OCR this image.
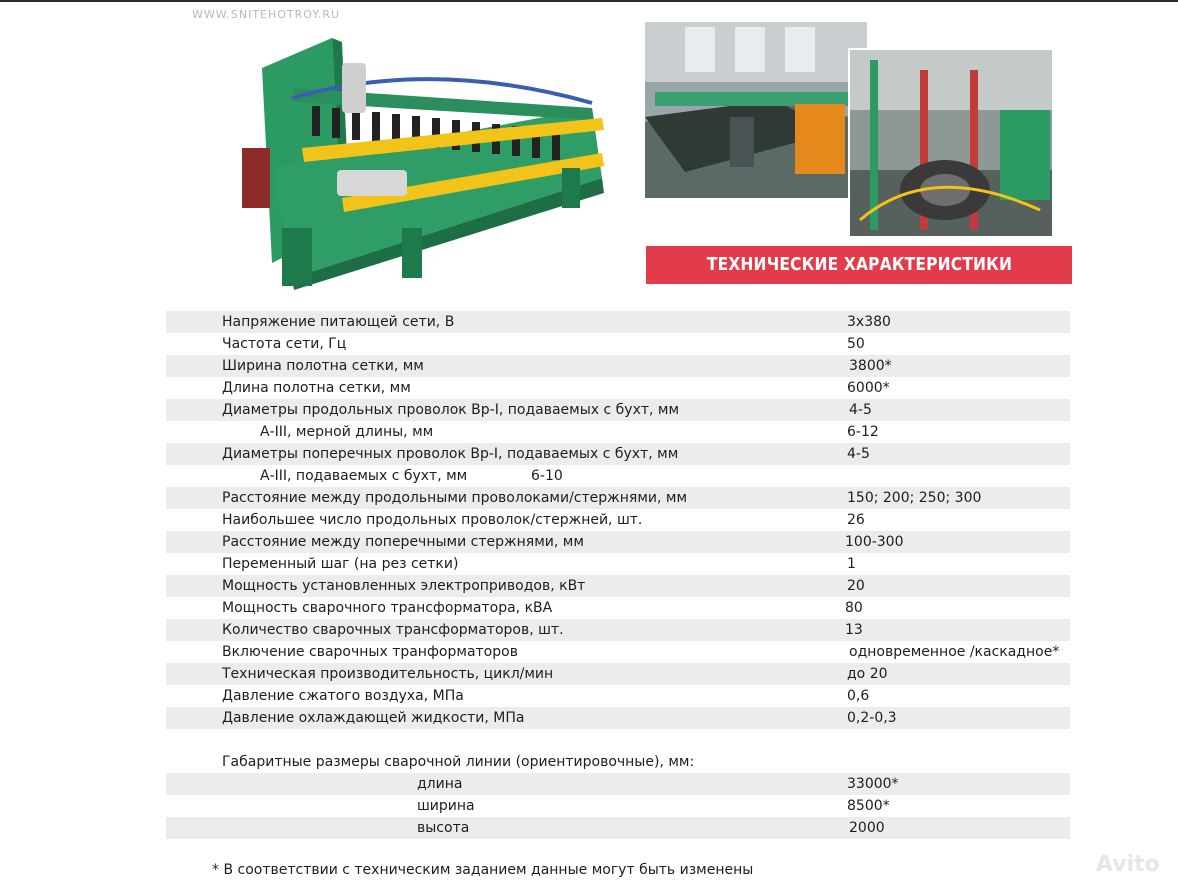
WWW.SNITEHOTROY.RU
ТЕХНИЧЕСКИЕ ХАРАКТЕРИСТИКИ
Напряжение питающей сети, В	3х380
Частота сети, Гц	50
Ширина полотна сетки, мм	3800*
Длина полотна сетки, мм	6000*
Диаметры продольных проволок Вр-I, подаваемых с бухт, мм	4-5
А-III, мерной длины, мм	6-12
Диаметры поперечных проволок Вр-I, подаваемых с бухт, мм	4-5
А-III, подаваемых с бухт, мм	6-10
Расстояние между продольными проволоками/стержнями, мм	150; 200; 250; 300
Наибольшее число продольных проволок/стержней, шт.	26
Расстояние между поперечными стержнями, мм	100-300
Переменный шаг (на рез сетки)	1
Мощность установленных электроприводов, кВт	20
Мощность сварочного трансформатора, кВА	80
Количество сварочных трансформаторов, шт.	13
Включение сварочных транформаторов	одновременное /каскадное*
Техническая производительность, цикл/мин	до 20
Давление сжатого воздуха, МПа	0,6
Давление охлаждающей жидкости, МПа	0,2-0,3
Габаритные размеры сварочной линии (ориентировочные), мм:
длина	33000*
ширина	8500*
высота	2000
* В соответствии с техническим заданием данные могут быть изменены	Avito
